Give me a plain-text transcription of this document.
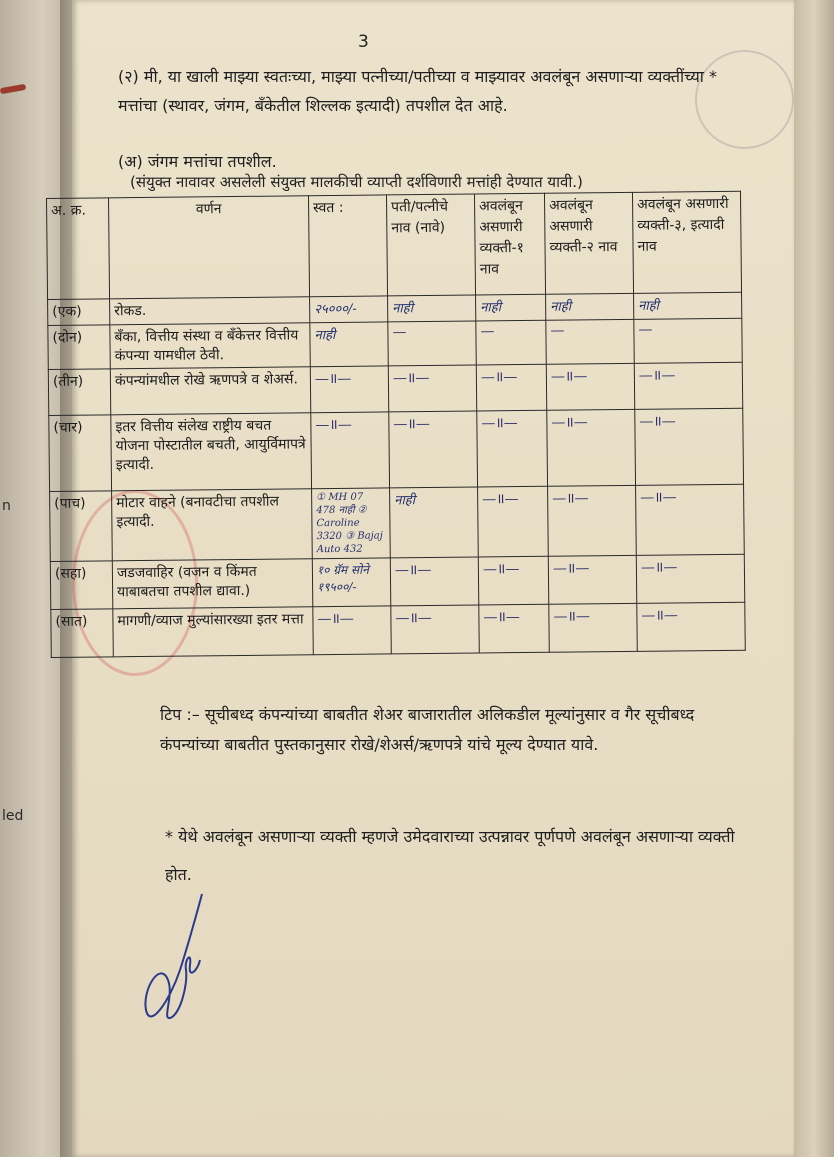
n
led
3
(२) मी, या खाली माझ्या स्वतःच्या, माझ्या पत्नीच्या/पतीच्या व माझ्यावर अवलंबून असणाऱ्या व्यक्तींच्या * मत्तांचा (स्थावर, जंगम, बँकेतील शिल्लक इत्यादी) तपशील देत आहे.
(अ) जंगम मत्तांचा तपशील.
(संयुक्त नावावर असलेली संयुक्त मालकीची व्याप्ती दर्शविणारी मत्तांही देण्यात यावी.)
अ. क्र.	वर्णन	स्वत :	पती/पत्नीचे नाव (नावे)	अवलंबून असणारी व्यक्ती-१ नाव	अवलंबून असणारी व्यक्ती-२ नाव	अवलंबून असणारी व्यक्ती-३, इत्यादी नाव
(एक)	रोकड.	२५०००/-	नाही	नाही	नाही	नाही
(दोन)	बँका, वित्तीय संस्था व बँकेत्तर वित्तीय कंपन्या यामधील ठेवी.	नाही	—	—	—	—
(तीन)	कंपन्यांमधील रोखे ऋणपत्रे व शेअर्स.	—॥—	—॥—	—॥—	—॥—	—॥—
(चार)	इतर वित्तीय संलेख राष्ट्रीय बचत योजना पोस्टातील बचती, आयुर्विमापत्रे इत्यादी.	—॥—	—॥—	—॥—	—॥—	—॥—
(पाच)	मोटार वाहने (बनावटीचा तपशील इत्यादी.	① MH 07 478 नाही ② Caroline 3320 ③ Bajaj Auto 432	नाही	—॥—	—॥—	—॥—
(सहा)	जडजवाहिर (वजन व किंमत याबाबतचा तपशील द्यावा.)	१० ग्रॅम सोने १९५००/-	—॥—	—॥—	—॥—	—॥—
(सात)	मागणी/व्याज मुल्यांसारख्या इतर मत्ता	—॥—	—॥—	—॥—	—॥—	—॥—
टिप :– सूचीबध्द कंपन्यांच्या बाबतीत शेअर बाजारातील अलिकडील मूल्यांनुसार व गैर सूचीबध्द कंपन्यांच्या बाबतीत पुस्तकानुसार रोखे/शेअर्स/ऋणपत्रे यांचे मूल्य देण्यात यावे.
* येथे अवलंबून असणाऱ्या व्यक्ती म्हणजे उमेदवाराच्या उत्पन्नावर पूर्णपणे अवलंबून असणाऱ्या व्यक्ती होत.
